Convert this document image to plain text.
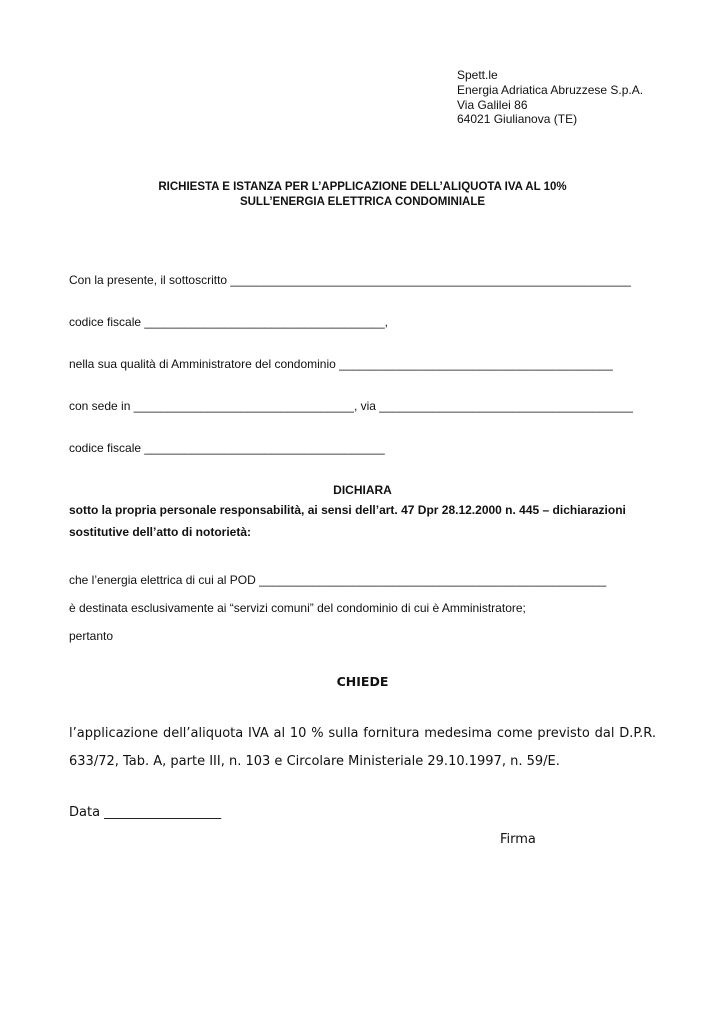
Spett.le
Energia Adriatica Abruzzese S.p.A.
Via Galilei 86
64021 Giulianova (TE)
RICHIESTA E ISTANZA PER L’APPLICAZIONE DELL’ALIQUOTA IVA AL 10%
SULL’ENERGIA ELETTRICA CONDOMINIALE
Con la presente, il sottoscritto ____________________________________________________________
codice fiscale ____________________________________,
nella sua qualità di Amministratore del condominio _________________________________________
con sede in _________________________________, via ______________________________________
codice fiscale ____________________________________
DICHIARA
sotto la propria personale responsabilità, ai sensi dell’art. 47 Dpr 28.12.2000 n. 445 – dichiarazioni
sostitutive dell’atto di notorietà:
che l’energia elettrica di cui al POD ____________________________________________________
è destinata esclusivamente ai “servizi comuni” del condominio di cui è Amministratore;
pertanto
CHIEDE
l’applicazione dell’aliquota IVA al 10 % sulla fornitura medesima come previsto dal D.P.R. 633/72, Tab. A, parte III, n. 103 e Circolare Ministeriale 29.10.1997, n. 59/E.
Data __________________
Firma
